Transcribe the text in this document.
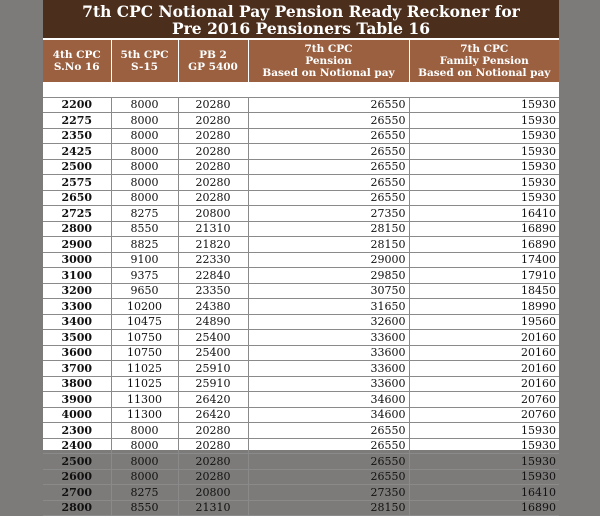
7th CPC Notional Pay Pension Ready Reckoner for
Pre 2016 Pensioners Table 16
4th CPC
S.No 16	5th CPC
S-15	PB 2
GP 5400	7th CPC
Pension
Based on Notional pay	7th CPC
Family Pension
Based on Notional pay

2200	8000	20280	26550	15930
2275	8000	20280	26550	15930
2350	8000	20280	26550	15930
2425	8000	20280	26550	15930
2500	8000	20280	26550	15930
2575	8000	20280	26550	15930
2650	8000	20280	26550	15930
2725	8275	20800	27350	16410
2800	8550	21310	28150	16890
2900	8825	21820	28150	16890
3000	9100	22330	29000	17400
3100	9375	22840	29850	17910
3200	9650	23350	30750	18450
3300	10200	24380	31650	18990
3400	10475	24890	32600	19560
3500	10750	25400	33600	20160
3600	10750	25400	33600	20160
3700	11025	25910	33600	20160
3800	11025	25910	33600	20160
3900	11300	26420	34600	20760
4000	11300	26420	34600	20760
2300	8000	20280	26550	15930
2400	8000	20280	26550	15930
2500	8000	20280	26550	15930
2600	8000	20280	26550	15930
2700	8275	20800	27350	16410
2800	8550	21310	28150	16890
